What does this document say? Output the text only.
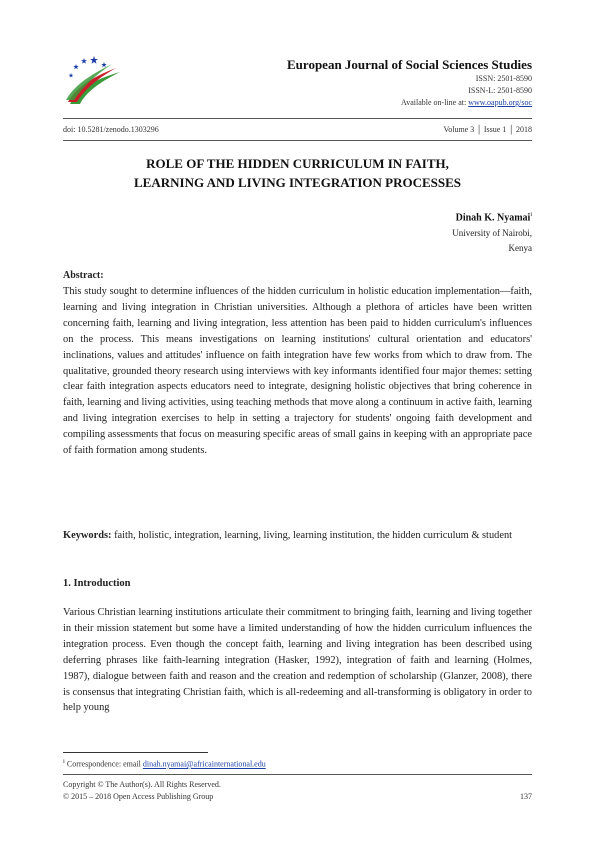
European Journal of Social Sciences Studies
ISSN: 2501-8590
ISSN-L: 2501-8590
Available on-line at: www.oapub.org/soc
doi: 10.5281/zenodo.1303296	Volume 3 │ Issue 1 │ 2018
ROLE OF THE HIDDEN CURRICULUM IN FAITH,
LEARNING AND LIVING INTEGRATION PROCESSES
Dinah K. Nyamai$^i$
University of Nairobi,
Kenya
Abstract:
This study sought to determine influences of the hidden curriculum in holistic education implementation—faith, learning and living integration in Christian universities. Although a plethora of articles have been written concerning faith, learning and living integration, less attention has been paid to hidden curriculum's influences on the process. This means investigations on learning institutions' cultural orientation and educators' inclinations, values and attitudes' influence on faith integration have few works from which to draw from. The qualitative, grounded theory research using interviews with key informants identified four major themes: setting clear faith integration aspects educators need to integrate, designing holistic objectives that bring coherence in faith, learning and living activities, using teaching methods that move along a continuum in active faith, learning and living integration exercises to help in setting a trajectory for students' ongoing faith development and compiling assessments that focus on measuring specific areas of small gains in keeping with an appropriate pace of faith formation among students.
Keywords: faith, holistic, integration, learning, living, learning institution, the hidden curriculum & student
1. Introduction
Various Christian learning institutions articulate their commitment to bringing faith, learning and living together in their mission statement but some have a limited understanding of how the hidden curriculum influences the integration process. Even though the concept faith, learning and living integration has been described using deferring phrases like faith-learning integration (Hasker, 1992), integration of faith and learning (Holmes, 1987), dialogue between faith and reason and the creation and redemption of scholarship (Glanzer, 2008), there is consensus that integrating Christian faith, which is all-redeeming and all-transforming is obligatory in order to help young
$^i$ Correspondence: email dinah.nyamai@africainternational.edu
Copyright © The Author(s). All Rights Reserved.
© 2015 – 2018 Open Access Publishing Group	137
